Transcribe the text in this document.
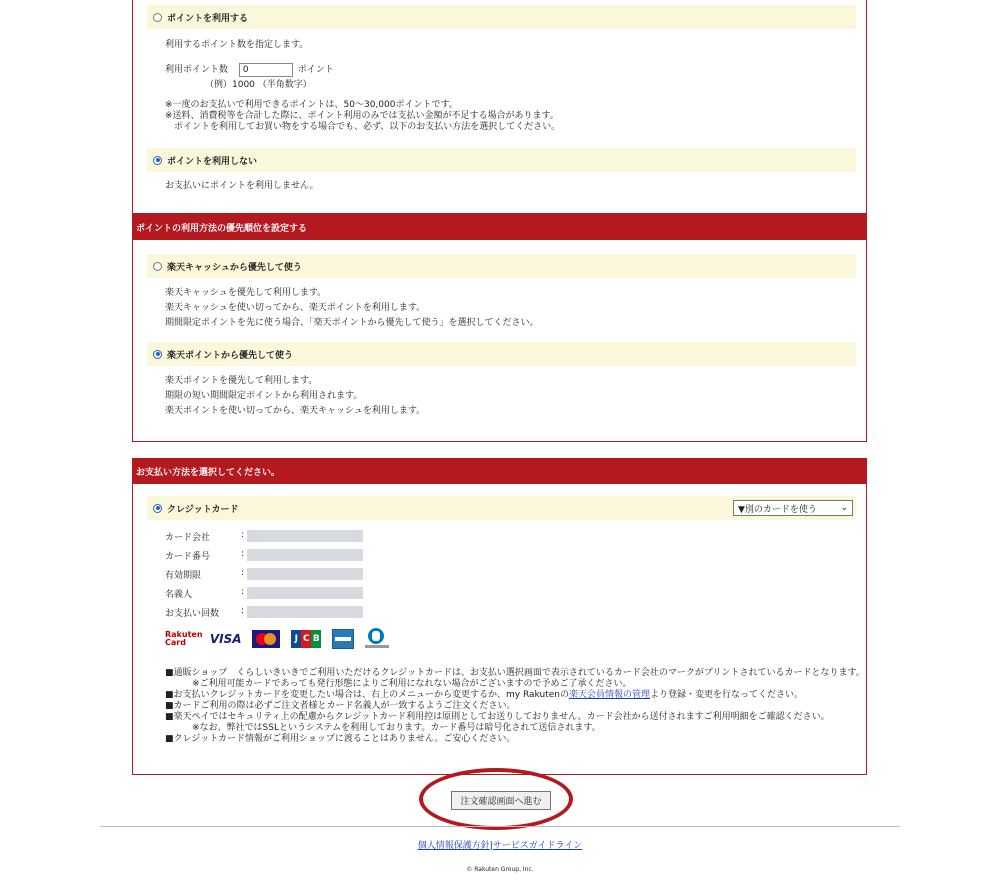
ポイントを利用する
利用するポイント数を指定します。
利用ポイント数 0	ポイント
（例）1000 （半角数字）
※一度のお支払いで利用できるポイントは、50～30,000ポイントです。
※送料、消費税等を合計した際に、ポイント利用のみでは支払い金額が不足する場合があります。
　ポイントを利用してお買い物をする場合でも、必ず、以下のお支払い方法を選択してください。
ポイントを利用しない
お支払いにポイントを利用しません。
ポイントの利用方法の優先順位を設定する
楽天キャッシュから優先して使う
楽天キャッシュを優先して利用します。
楽天キャッシュを使い切ってから、楽天ポイントを利用します。
期間限定ポイントを先に使う場合、「楽天ポイントから優先して使う」を選択してください。
楽天ポイントから優先して使う
楽天ポイントを優先して利用します。
期限の短い期間限定ポイントから利用されます。
楽天ポイントを使い切ってから、楽天キャッシュを利用します。
お支払い方法を選択してください。
クレジットカード	▼別のカードを使う	⌄
カード会社	:
カード番号	:
有効期限	:
名義人	:
お支払い回数 :
Rakuten
Card VISA
	J C B

■通販ショップ　くらしいきいきでご利用いただけるクレジットカードは、お支払い選択画面で表示されているカード会社のマークがプリントされているカードとなります。
　　　※ご利用可能カードであっても発行形態によりご利用になれない場合がございますので予めご了承ください。
■お支払いクレジットカードを変更したい場合は、右上のメニューから変更するか、my Rakutenの楽天会員情報の管理より登録・変更を行なってください。
■カードご利用の際は必ずご注文者様とカード名義人が一致するようご注文ください。
■楽天ペイではセキュリティ上の配慮からクレジットカード利用控は原則としてお送りしておりません。カード会社から送付されますご利用明細をご確認ください。
　　　※なお、弊社ではSSLというシステムを利用しております。カード番号は暗号化されて送信されます。
■クレジットカード情報がご利用ショップに渡ることはありません。ご安心ください。
注文確認画面へ進む
個人情報保護方針|サービスガイドライン
© Rakuten Group, Inc.
